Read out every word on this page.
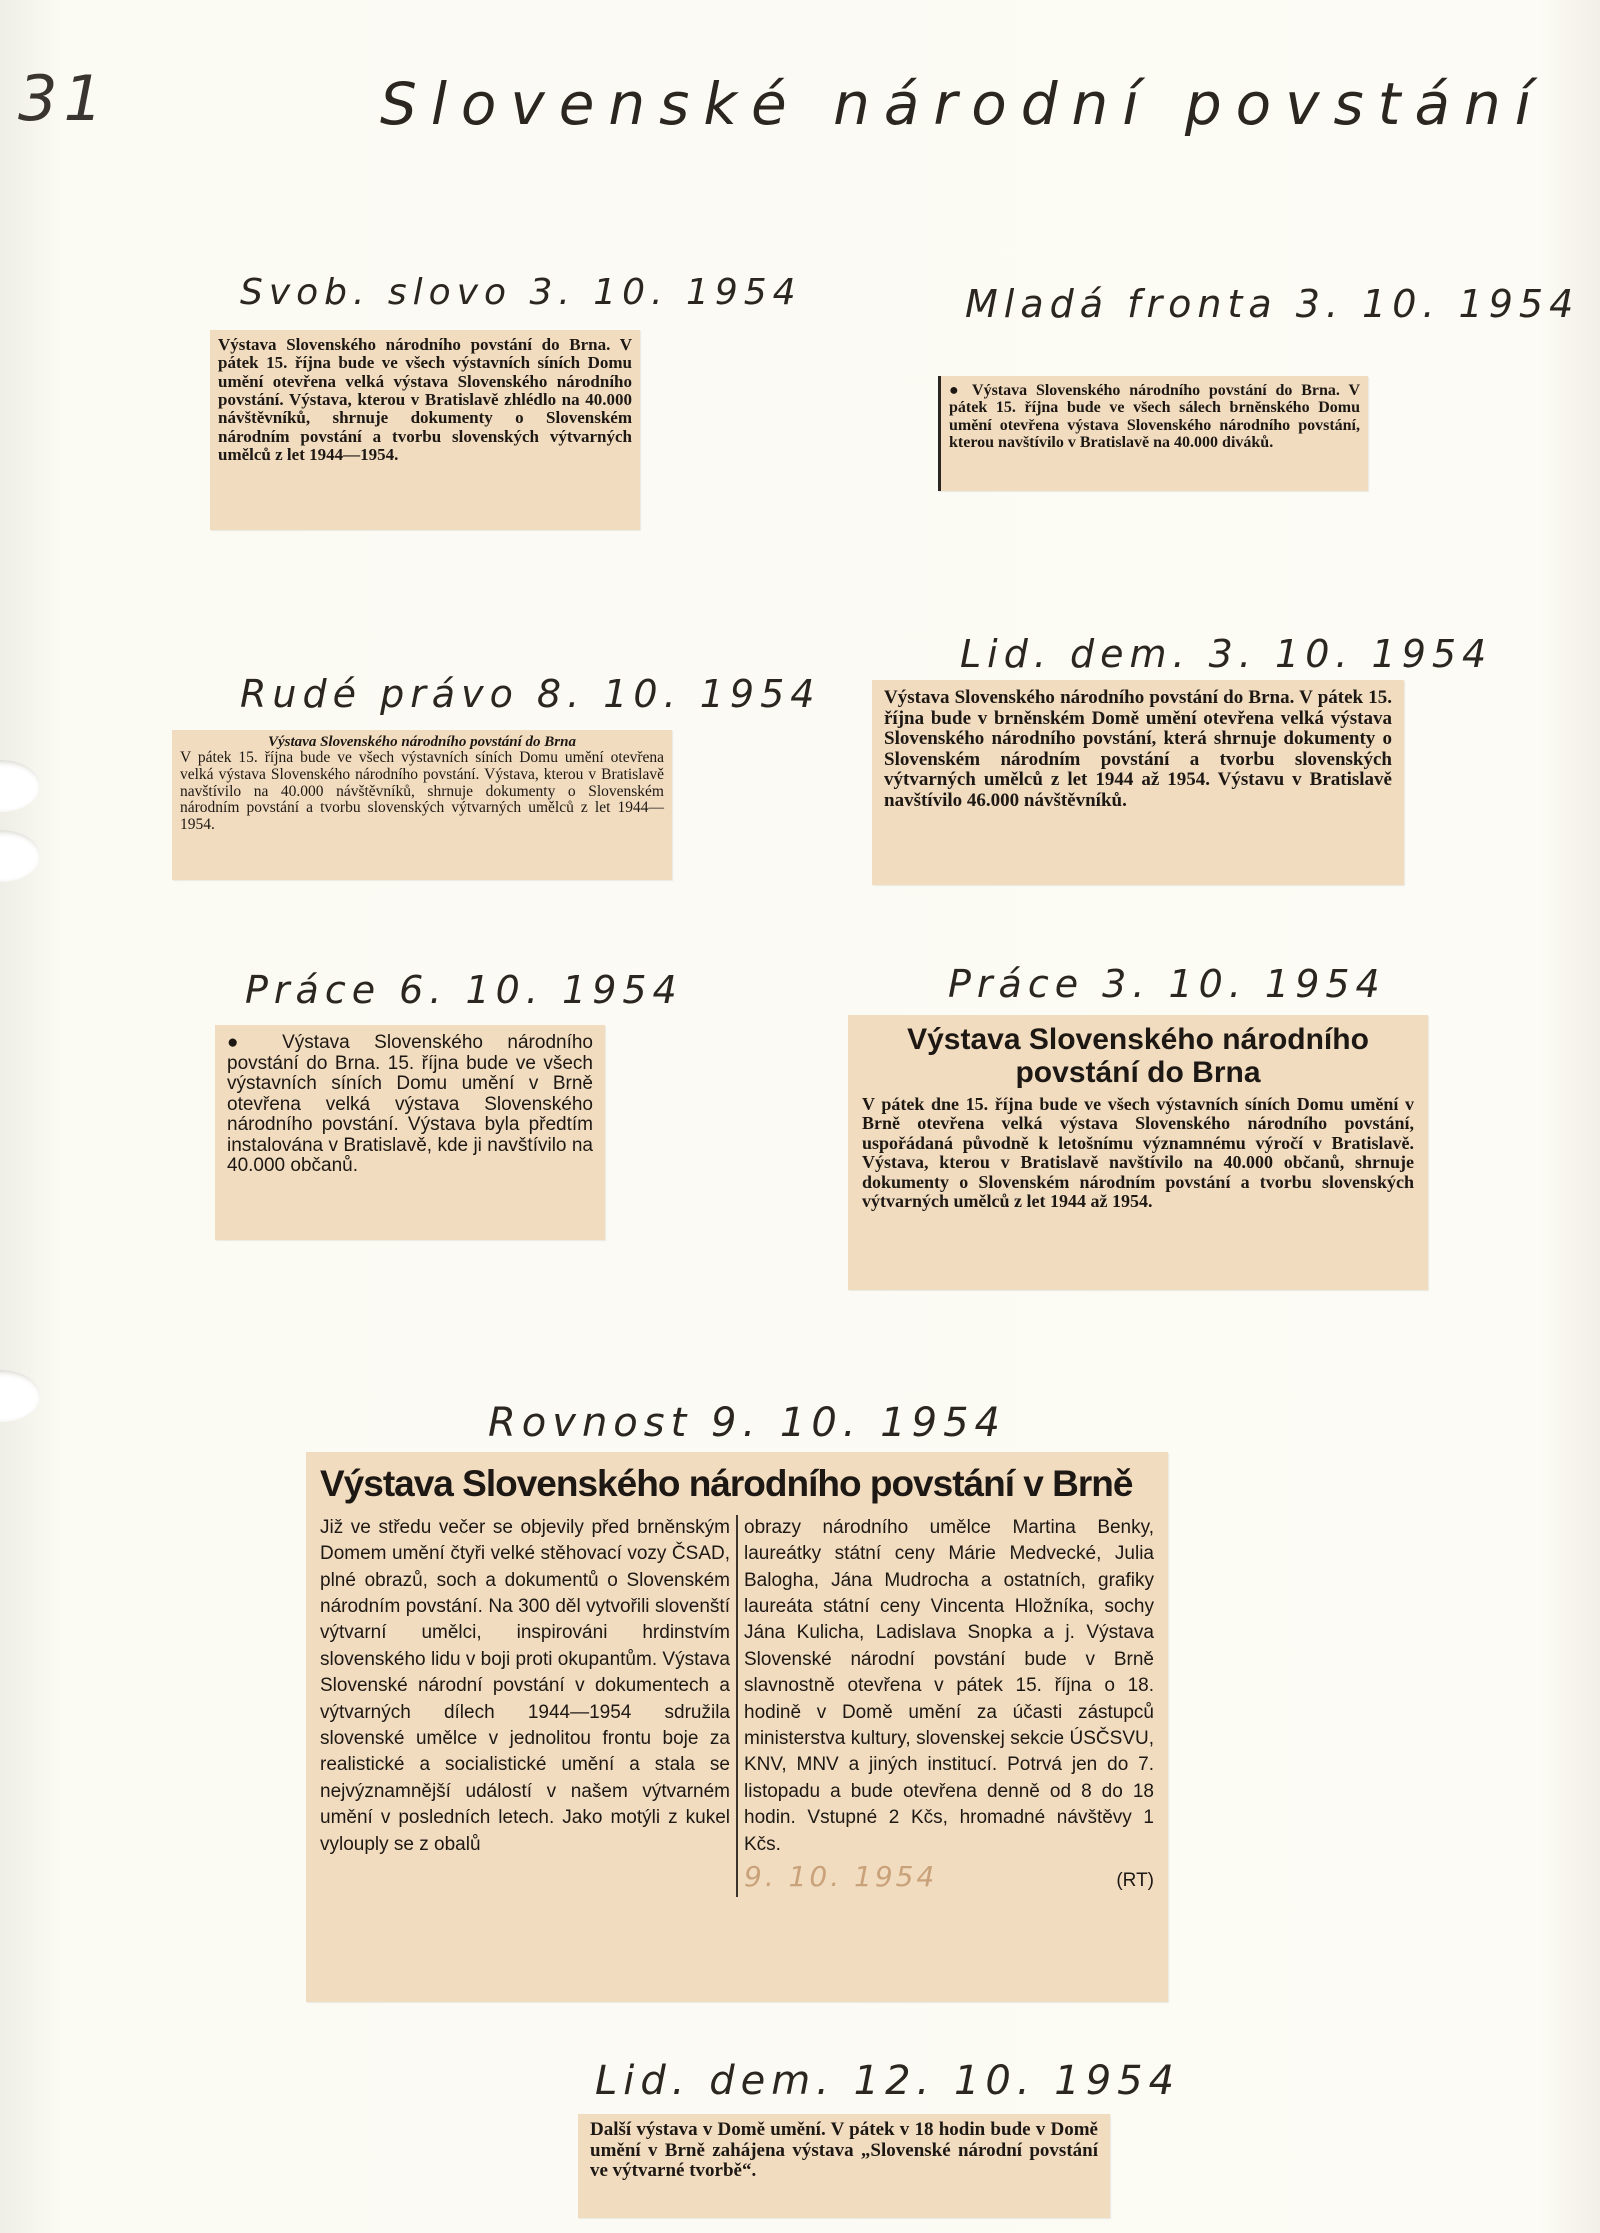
31	Slovenské národní povstání
Svob. slovo 3. 10. 1954

Výstava Slovenského národního povstání do Brna. V pátek 15. října bude ve všech výstavních síních Domu umění otevřena velká výstava Slovenského národního povstání. Výstava, kterou v Bratislavě zhlédlo na 40.000 návštěvníků, shrnuje dokumenty o Slovenském národním povstání a tvorbu slovenských výtvarných umělců z let 1944—1954.

Mladá fronta 3. 10. 1954

● Výstava Slovenského národního povstání do Brna. V pátek 15. října bude ve všech sálech brněnského Domu umění otevřena výstava Slovenského národního povstání, kterou navštívilo v Bratislavě na 40.000 diváků.

Rudé právo 8. 10. 1954

Výstava Slovenského národního povstání do Brna

V pátek 15. října bude ve všech výstavních síních Domu umění otevřena velká výstava Slovenského národního povstání. Výstava, kterou v Bratislavě navštívilo na 40.000 návštěvníků, shrnuje dokumenty o Slovenském národním povstání a tvorbu slovenských výtvarných umělců z let 1944—1954.

Lid. dem. 3. 10. 1954

Výstava Slovenského národního povstání do Brna. V pátek 15. října bude v brněnském Domě umění otevřena velká výstava Slovenského národního povstání, která shrnuje dokumenty o Slovenském národním povstání a tvorbu slovenských výtvarných umělců z let 1944 až 1954. Výstavu v Bratislavě navštívilo 46.000 návštěvníků.

Práce 6. 10. 1954

● Výstava Slovenského národního povstání do Brna. 15. října bude ve všech výstavních síních Domu umění v Brně otevřena velká výstava Slovenského národního povstání. Výstava byla předtím instalována v Bratislavě, kde ji navštívilo na 40.000 občanů.

Práce 3. 10. 1954

Výstava Slovenského národního povstání do Brna

V pátek dne 15. října bude ve všech výstavních síních Domu umění v Brně otevřena velká výstava Slovenského národního povstání, uspořádaná původně k letošnímu významnému výročí v Bratislavě. Výstava, kterou v Bratislavě navštívilo na 40.000 občanů, shrnuje dokumenty o Slovenském národním povstání a tvorbu slovenských výtvarných umělců z let 1944 až 1954.

Rovnost 9. 10. 1954

Výstava Slovenského národního povstání v Brně

Již ve středu večer se objevily před brněnským Domem umění čtyři velké stěhovací vozy ČSAD, plné obrazů, soch a dokumentů o Slovenském národním povstání. Na 300 děl vytvořili slovenští výtvarní umělci, inspirováni hrdinstvím slovenského lidu v boji proti okupantům. Výstava Slovenské národní povstání v dokumentech a výtvarných dílech 1944—1954 sdružila slovenské umělce v jednolitou frontu boje za realistické a socialistické umění a stala se nejvýznamnější událostí v našem výtvarném umění v posledních letech. Jako motýli z kukel vylouply se z obalů

obrazy národního umělce Martina Benky, laureátky státní ceny Márie Medvecké, Julia Balogha, Jána Mudrocha a ostatních, grafiky laureáta státní ceny Vincenta Hložníka, sochy Jána Kulicha, Ladislava Snopka a j. Výstava Slovenské národní povstání bude v Brně slavnostně otevřena v pátek 15. října o 18. hodině v Domě umění za účasti zástupců ministerstva kultury, slovenskej sekcie ÚSČSVU, KNV, MNV a jiných institucí. Potrvá jen do 7. listopadu a bude otevřena denně od 8 do 18 hodin. Vstupné 2 Kčs, hromadné návštěvy 1 Kčs.

9. 10. 1954	(RT)

Lid. dem. 12. 10. 1954

Další výstava v Domě umění. V pátek v 18 hodin bude v Domě umění v Brně zahájena výstava „Slovenské národní povstání ve výtvarné tvorbě“.
